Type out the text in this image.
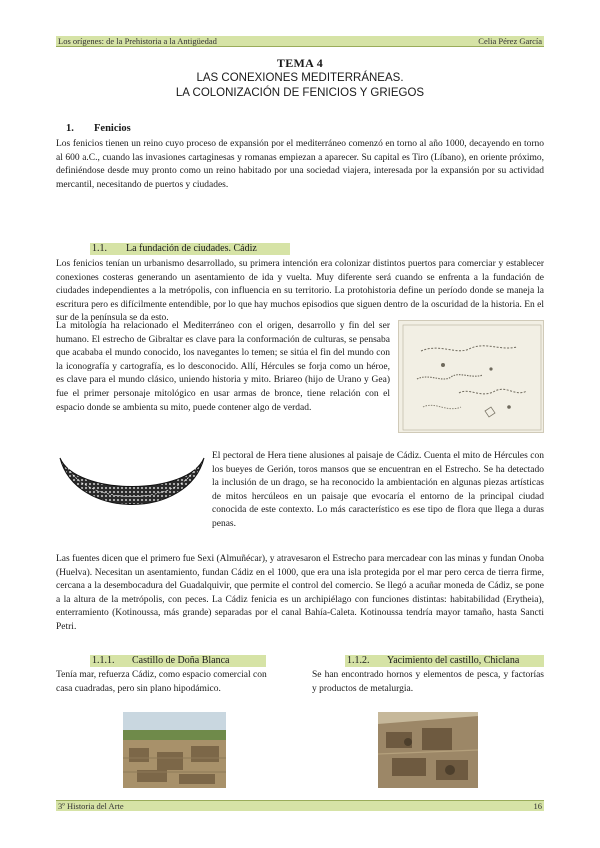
Los orígenes: de la Prehistoria a la Antigüedad	Celia Pérez García
TEMA 4
LAS CONEXIONES MEDITERRÁNEAS.
LA COLONIZACIÓN DE FENICIOS Y GRIEGOS
1. Fenicios

Los fenicios tienen un reino cuyo proceso de expansión por el mediterráneo comenzó en torno al año 1000, decayendo en torno al 600 a.C., cuando las invasiones cartaginesas y romanas empiezan a aparecer. Su capital es Tiro (Líbano), en oriente próximo, definiéndose desde muy pronto como un reino habitado por una sociedad viajera, interesada por la expansión por su actividad mercantil, necesitando de puertos y ciudades.

1.1. La fundación de ciudades. Cádiz

Los fenicios tenían un urbanismo desarrollado, su primera intención era colonizar distintos puertos para comerciar y establecer conexiones costeras generando un asentamiento de ida y vuelta. Muy diferente será cuando se enfrenta a la fundación de ciudades independientes a la metrópolis, con influencia en su territorio. La protohistoria define un período donde se maneja la escritura pero es difícilmente entendible, por lo que hay muchos episodios que siguen dentro de la oscuridad de la historia. En el sur de la península se da esto.

La mitología ha relacionado el Mediterráneo con el origen, desarrollo y fin del ser humano. El estrecho de Gibraltar es clave para la conformación de culturas, se pensaba que acababa el mundo conocido, los navegantes lo temen; se sitúa el fin del mundo con la iconografía y cartografía, es lo desconocido. Allí, Hércules se forja como un héroe, es clave para el mundo clásico, uniendo historia y mito. Briareo (hijo de Urano y Gea) fue el primer personaje mitológico en usar armas de bronce, tiene relación con el espacio donde se ambienta su mito, puede contener algo de verdad.

El pectoral de Hera tiene alusiones al paisaje de Cádiz. Cuenta el mito de Hércules con los bueyes de Gerión, toros mansos que se encuentran en el Estrecho. Se ha detectado la inclusión de un drago, se ha reconocido la ambientación en algunas piezas artísticas de mitos hercúleos en un paisaje que evocaría el entorno de la principal ciudad conocida de este contexto. Lo más característico es ese tipo de flora que llega a duras penas.

Las fuentes dicen que el primero fue Sexi (Almuñécar), y atravesaron el Estrecho para mercadear con las minas y fundan Onoba (Huelva). Necesitan un asentamiento, fundan Cádiz en el 1000, que era una isla protegida por el mar pero cerca de tierra firme, cercana a la desembocadura del Guadalquivir, que permite el control del comercio. Se llegó a acuñar moneda de Cádiz, se pone a la altura de la metrópolis, con peces. La Cádiz fenicia es un archipiélago con funciones distintas: habitabilidad (Erytheia), enterramiento (Kotinoussa, más grande) separadas por el canal Bahía-Caleta. Kotinoussa tendría mayor tamaño, hasta Sancti Petri.

1.1.1. Castillo de Doña Blanca

Tenía mar, refuerza Cádiz, como espacio comercial con casa cuadradas, pero sin plano hipodámico.

1.1.2. Yacimiento del castillo, Chiclana

Se han encontrado hornos y elementos de pesca, y factorías y productos de metalurgia.

3º Historia del Arte	16
